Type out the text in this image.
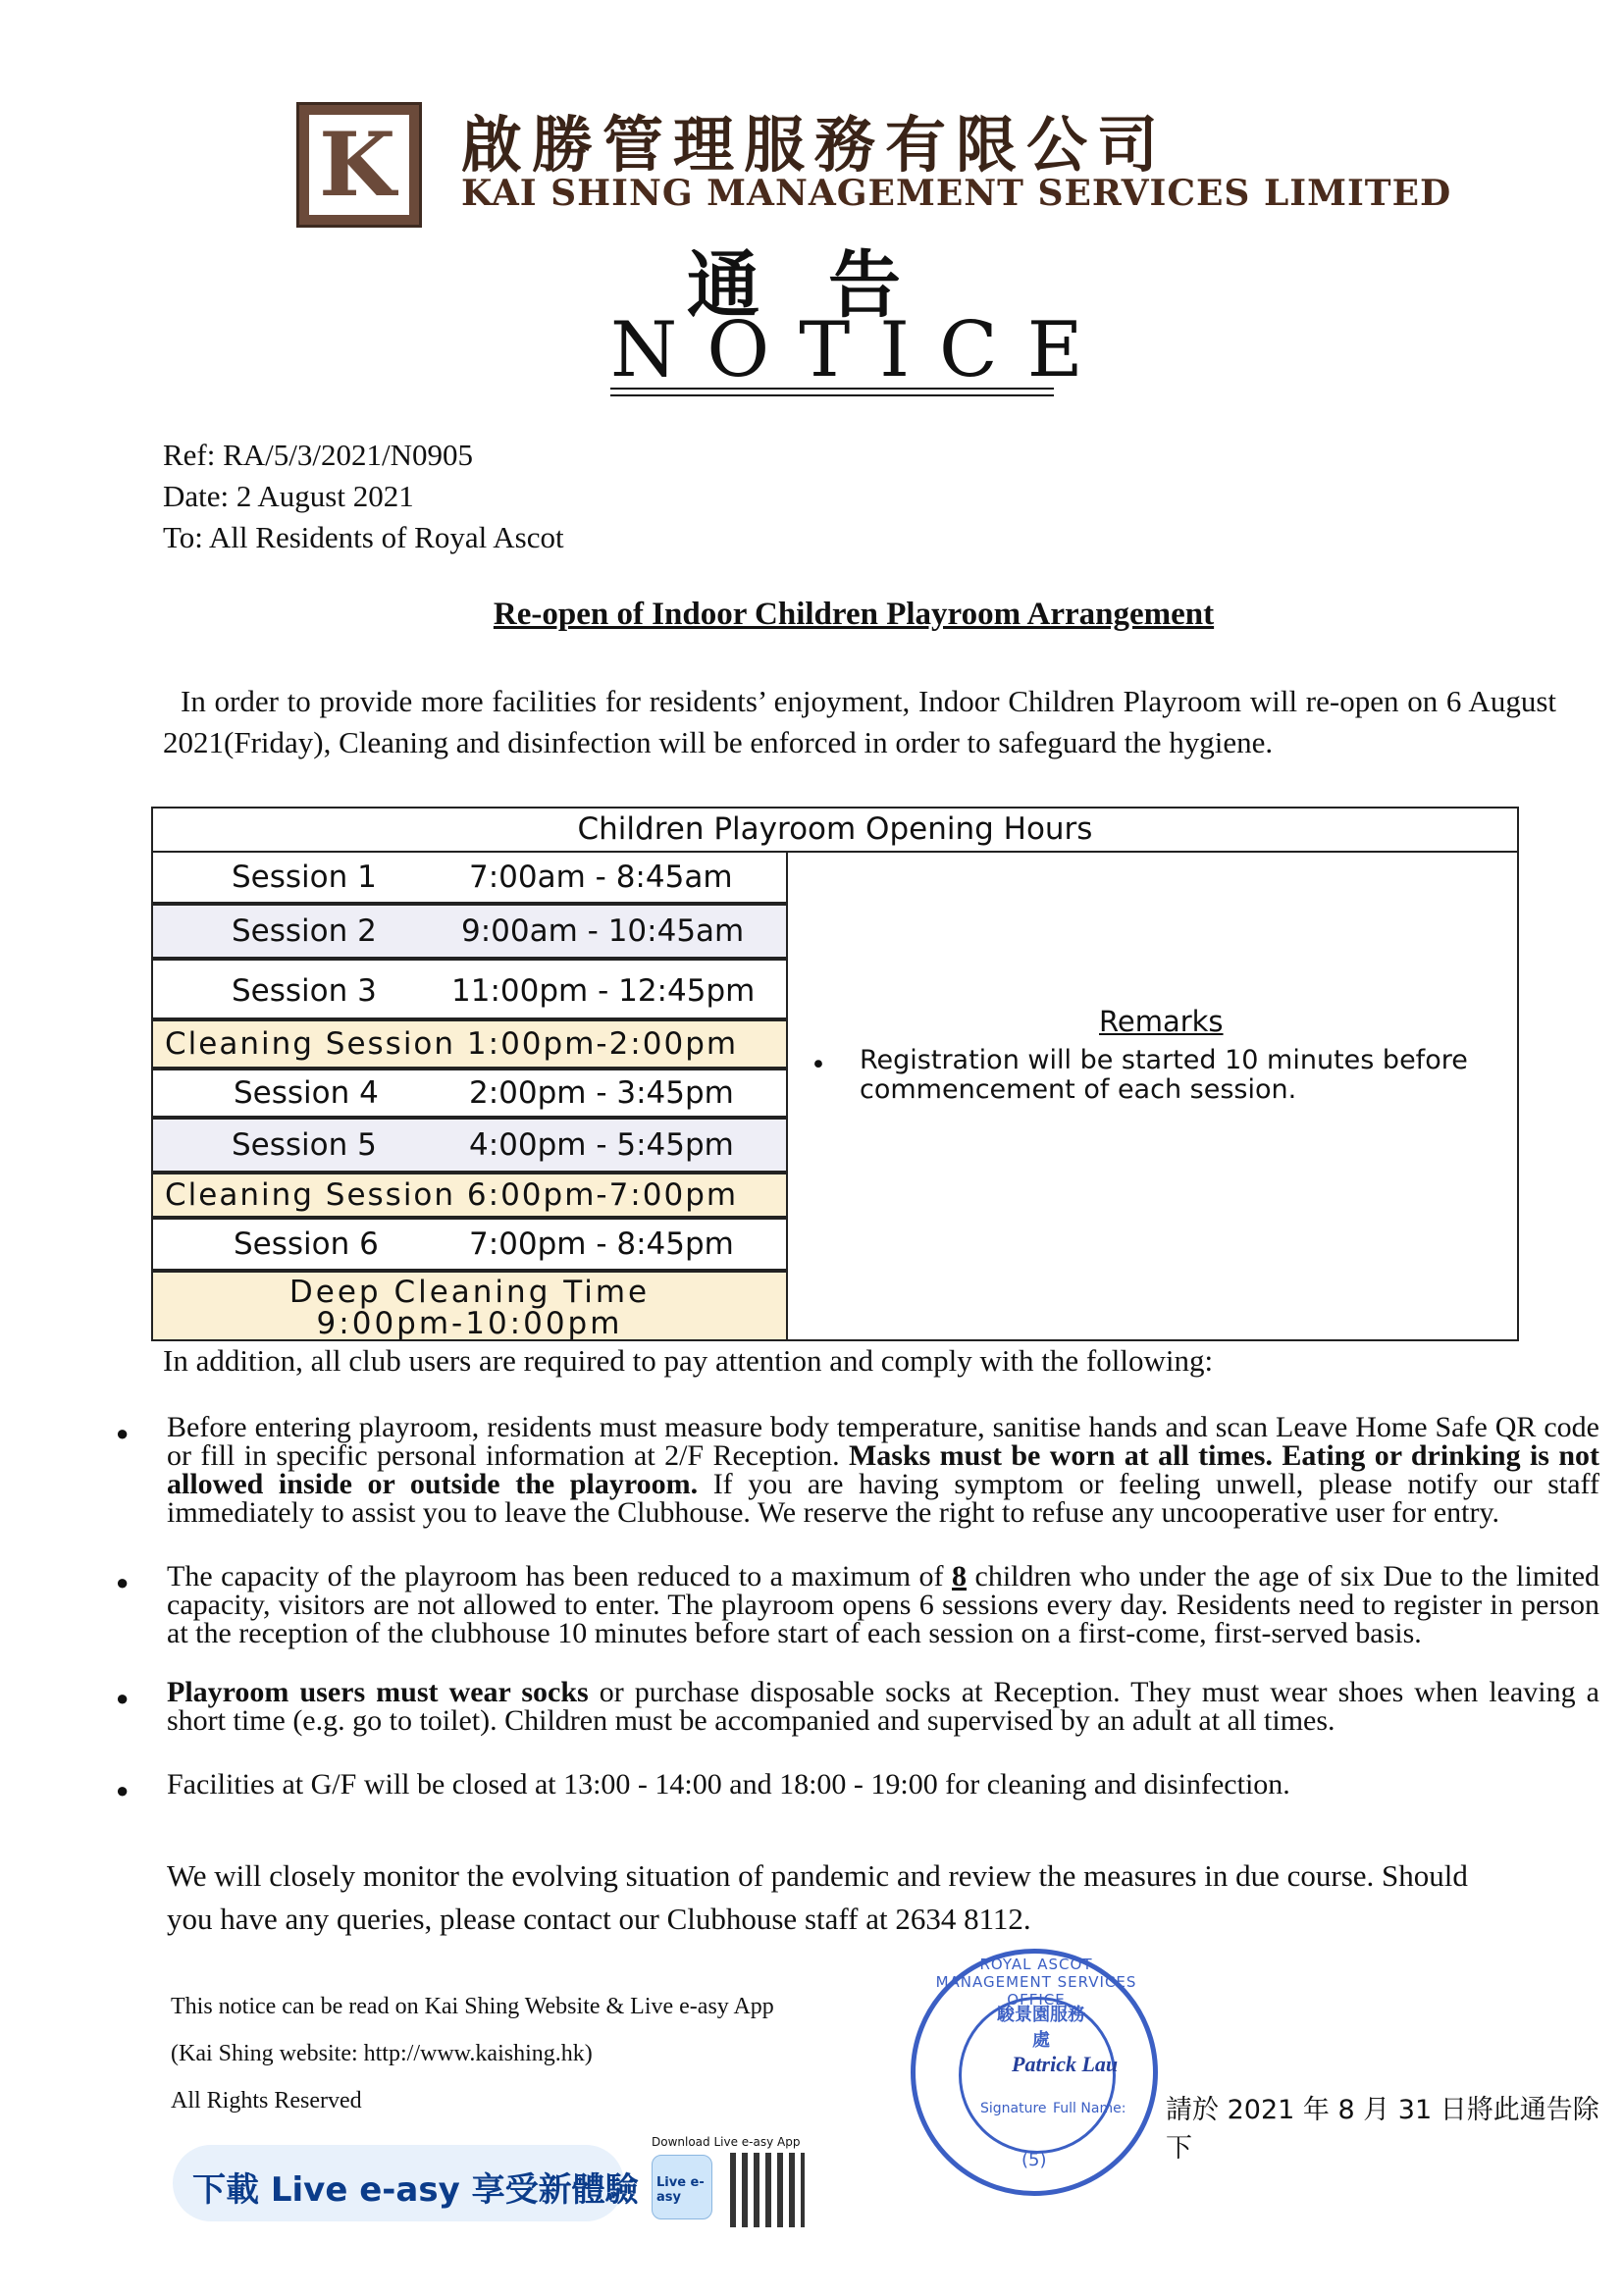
K 啟勝管理服務有限公司
KAI SHING MANAGEMENT SERVICES LIMITED
通告
NOTICE
Ref: RA/5/3/2021/N0905
Date: 2 August 2021
To: All Residents of Royal Ascot
Re-open of Indoor Children Playroom Arrangement
In order to provide more facilities for residents’ enjoyment, Indoor Children Playroom will re-open on 6 August 2021(Friday), Cleaning and disinfection will be enforced in order to safeguard the hygiene.
Children Playroom Opening Hours
Session 1	7:00am - 8:45am
Session 2	9:00am - 10:45am
Session 3 11:00pm - 12:45pm
Cleaning Session 1:00pm-2:00pm
Session 4	2:00pm - 3:45pm
Session 5	4:00pm - 5:45pm
Cleaning Session 6:00pm-7:00pm
Session 6	7:00pm - 8:45pm
Deep Cleaning Time
9:00pm-10:00pm
Remarks
• Registration will be started 10 minutes before commencement of each session.
In addition, all club users are required to pay attention and comply with the following:
● Before entering playroom, residents must measure body temperature, sanitise hands and scan Leave Home Safe QR code or fill in specific personal information at 2/F Reception. Masks must be worn at all times. Eating or drinking is not allowed inside or outside the playroom. If you are having symptom or feeling unwell, please notify our staff immediately to assist you to leave the Clubhouse. We reserve the right to refuse any uncooperative user for entry.
● The capacity of the playroom has been reduced to a maximum of 8 children who under the age of six Due to the limited capacity, visitors are not allowed to enter. The playroom opens 6 sessions every day. Residents need to register in person at the reception of the clubhouse 10 minutes before start of each session on a first-come, first-served basis.
● Playroom users must wear socks or purchase disposable socks at Reception. They must wear shoes when leaving a short time (e.g. go to toilet). Children must be accompanied and supervised by an adult at all times.
● Facilities at G/F will be closed at 13:00 - 14:00 and 18:00 - 19:00 for cleaning and disinfection.
We will closely monitor the evolving situation of pandemic and review the measures in due course. Should you have any queries, please contact our Clubhouse staff at 2634 8112.
This notice can be read on Kai Shing Website & Live e-asy App
(Kai Shing website: http://www.kaishing.hk)
All Rights Reserved
ROYAL ASCOT MANAGEMENT SERVICES OFFICE
駿景園服務處
Patrick Lau
Signature Full Name:
(5)
請於 2021 年 8 月 31 日將此通告除下
下載 Live e-asy 享受新體驗
Download Live e-asy App
Live e-asy
